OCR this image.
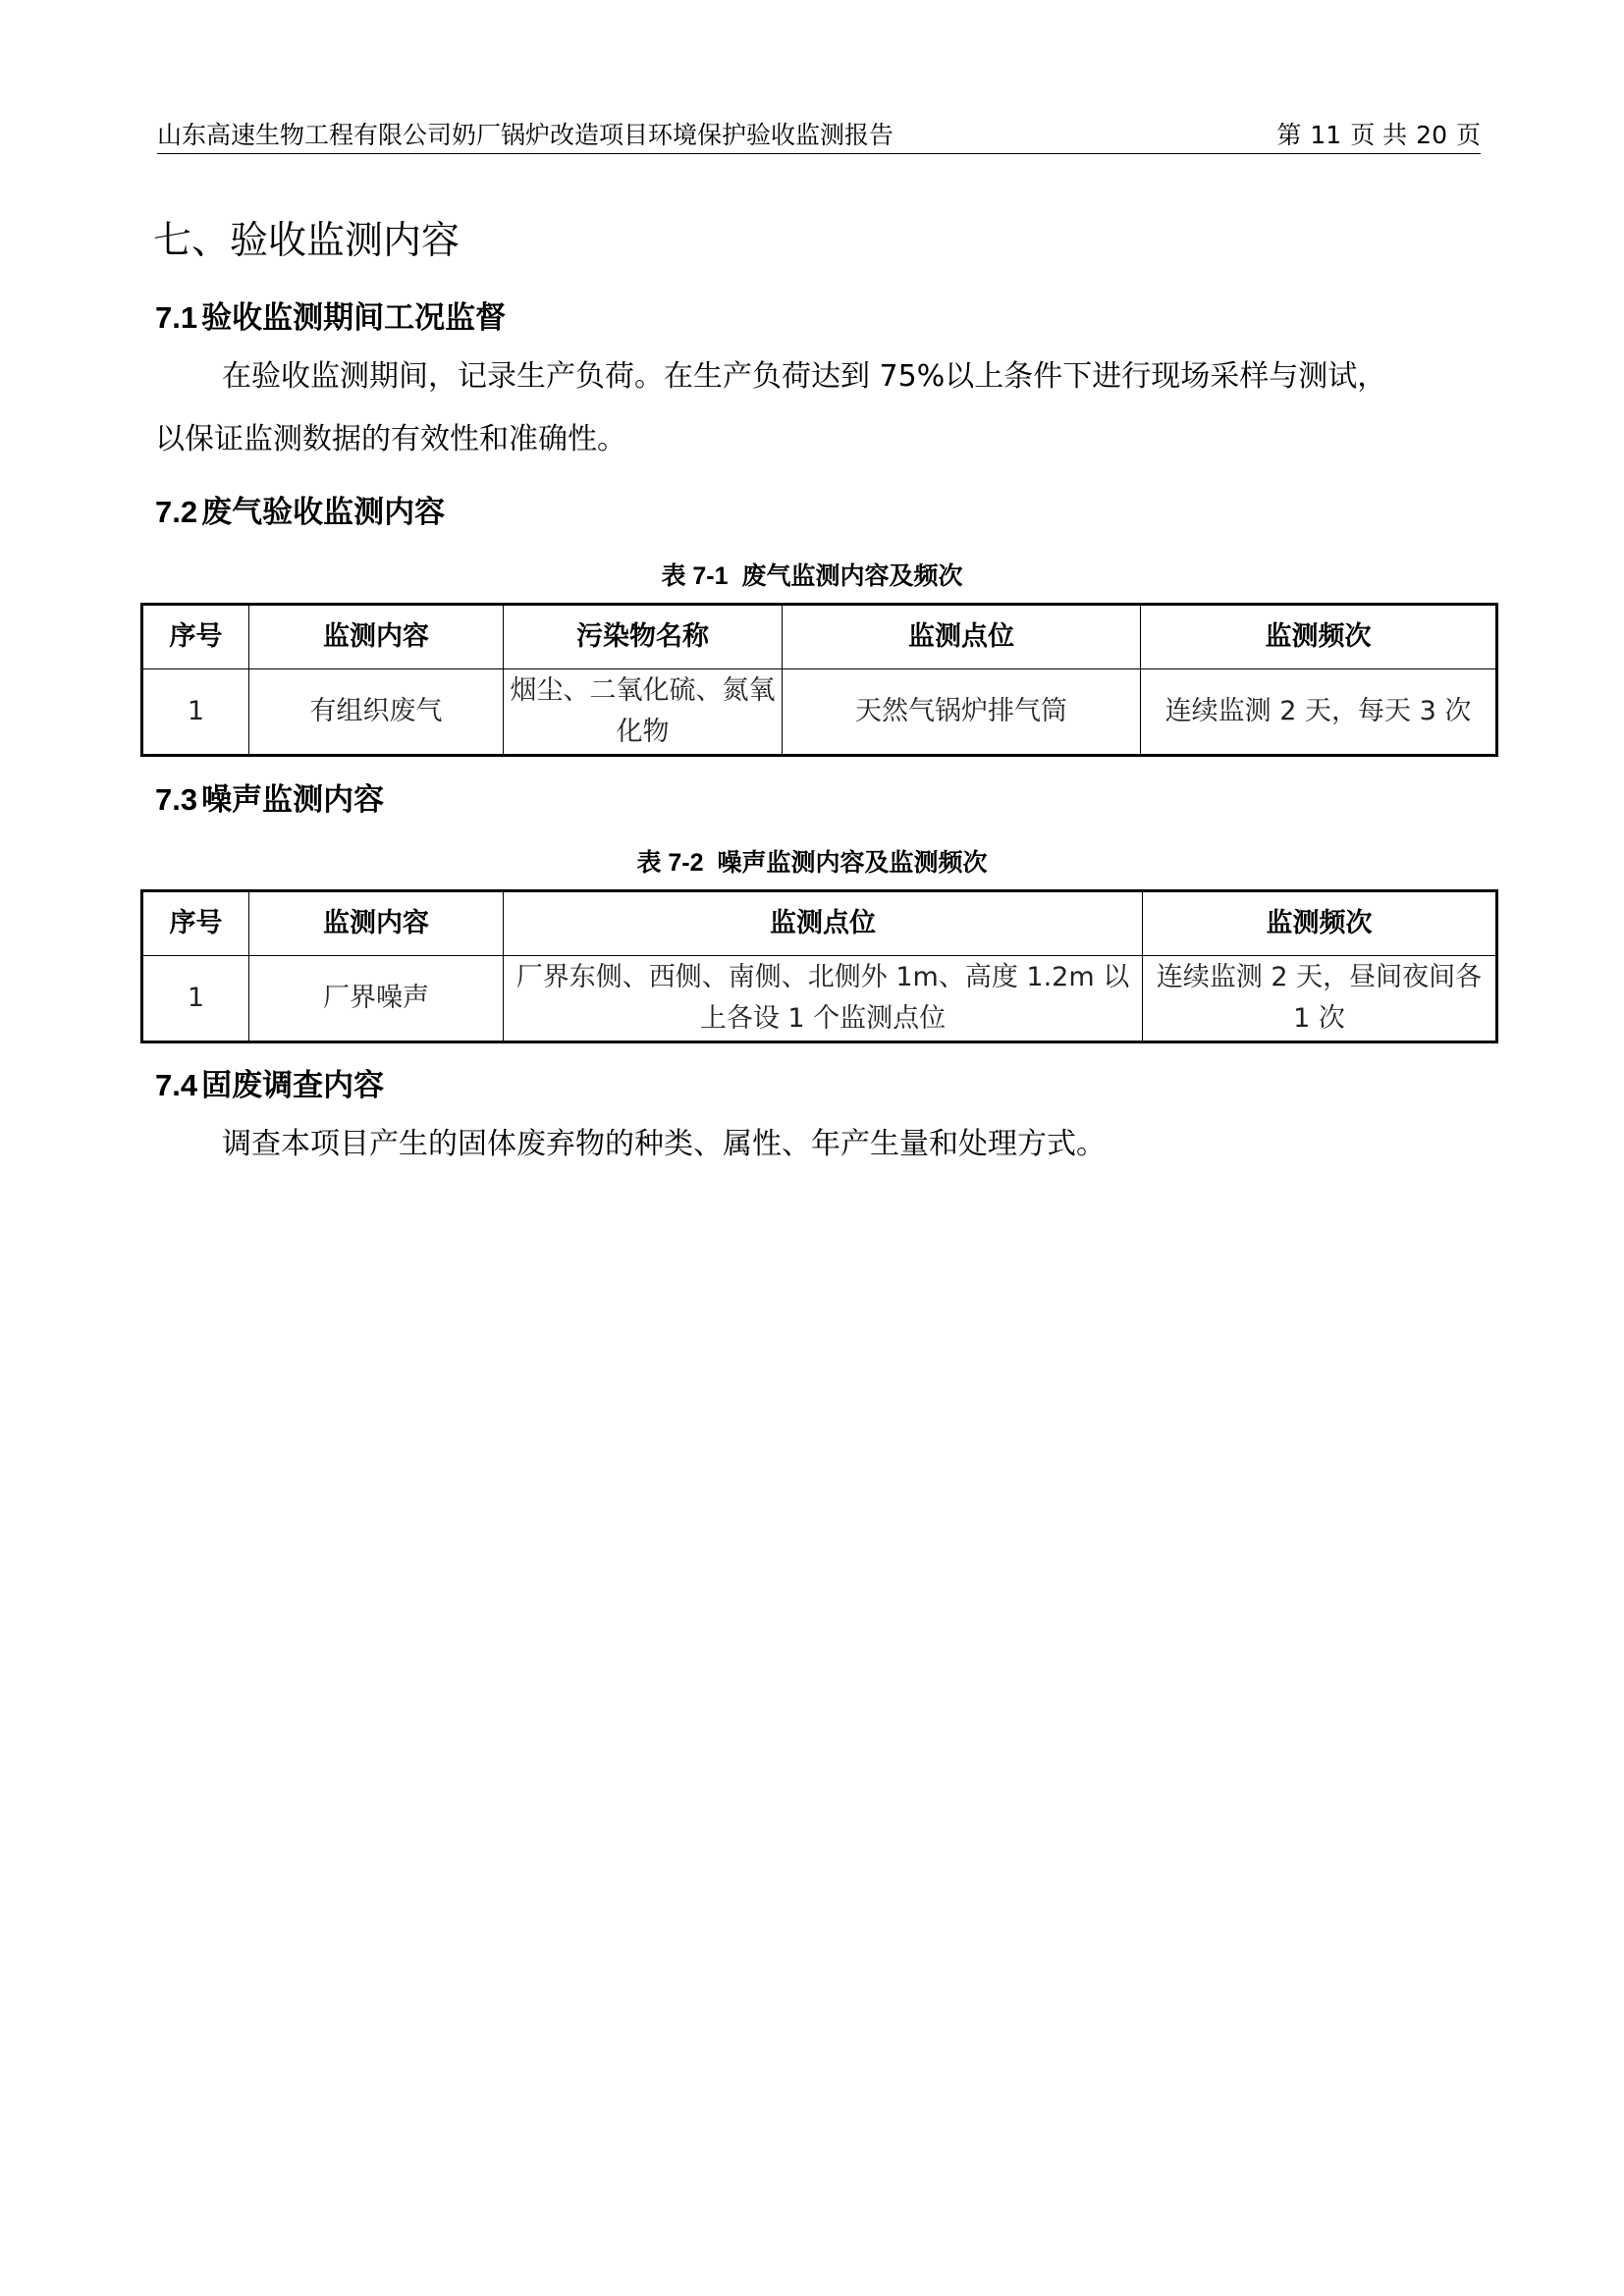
山东高速生物工程有限公司奶厂锅炉改造项目环境保护验收监测报告	第 11 页 共 20 页
七、验收监测内容
7.1 验收监测期间工况监督

在验收监测期间，记录生产负荷。在生产负荷达到 75%以上条件下进行现场采样与测试，

以保证监测数据的有效性和准确性。

7.2 废气验收监测内容
表 7-1 废气监测内容及频次
序号	监测内容	污染物名称	监测点位	监测频次
1	有组织废气	烟尘、二氧化硫、氮氧化物	天然气锅炉排气筒	连续监测 2 天，每天 3 次
7.3 噪声监测内容
表 7-2 噪声监测内容及监测频次
序号	监测内容	监测点位	监测频次
1	厂界噪声	厂界东侧、西侧、南侧、北侧外 1m、高度 1.2m 以上各设 1 个监测点位	连续监测 2 天，昼间夜间各 1 次
7.4 固废调查内容

调查本项目产生的固体废弃物的种类、属性、年产生量和处理方式。
